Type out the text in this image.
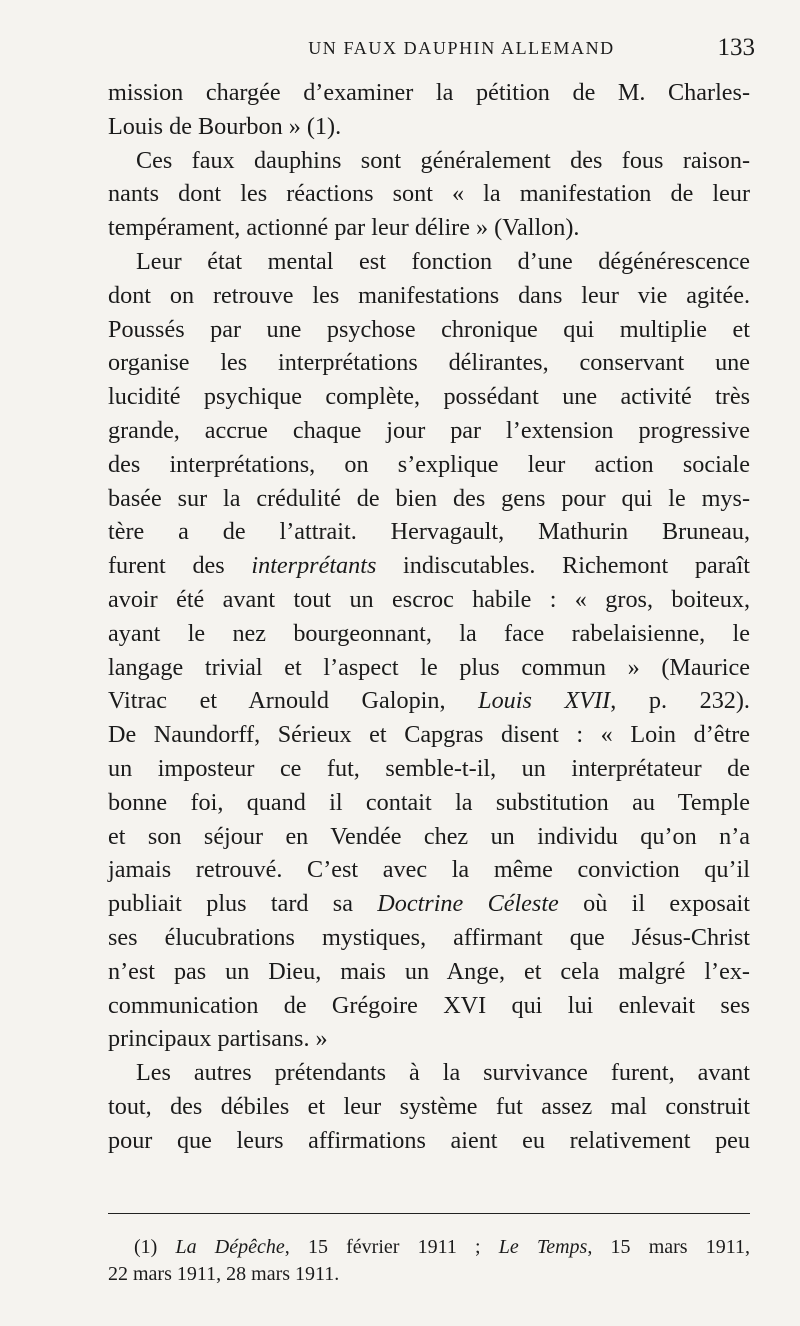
UN FAUX DAUPHIN ALLEMAND	133

mission chargée d’examiner la pétition de M. Charles-

Louis de Bourbon » (1).

Ces faux dauphins sont généralement des fous raison-

nants dont les réactions sont « la manifestation de leur

tempérament, actionné par leur délire » (Vallon).

Leur état mental est fonction d’une dégénérescence

dont on retrouve les manifestations dans leur vie agitée.

Poussés par une psychose chronique qui multiplie et

organise les interprétations délirantes, conservant une

lucidité psychique complète, possédant une activité très

grande, accrue chaque jour par l’extension progressive

des interprétations, on s’explique leur action sociale

basée sur la crédulité de bien des gens pour qui le mys-

tère a de l’attrait. Hervagault, Mathurin Bruneau,

furent des interprétants indiscutables. Richemont paraît

avoir été avant tout un escroc habile : « gros, boiteux,

ayant le nez bourgeonnant, la face rabelaisienne, le

langage trivial et l’aspect le plus commun » (Maurice

Vitrac et Arnould Galopin, Louis XVII, p. 232).

De Naundorff, Sérieux et Capgras disent : « Loin d’être

un imposteur ce fut, semble-t-il, un interprétateur de

bonne foi, quand il contait la substitution au Temple

et son séjour en Vendée chez un individu qu’on n’a

jamais retrouvé. C’est avec la même conviction qu’il

publiait plus tard sa Doctrine Céleste où il exposait

ses élucubrations mystiques, affirmant que Jésus-Christ

n’est pas un Dieu, mais un Ange, et cela malgré l’ex-

communication de Grégoire XVI qui lui enlevait ses

principaux partisans. »

Les autres prétendants à la survivance furent, avant

tout, des débiles et leur système fut assez mal construit

pour que leurs affirmations aient eu relativement peu

(1) La Dépêche, 15 février 1911 ; Le Temps, 15 mars 1911,

22 mars 1911, 28 mars 1911.
